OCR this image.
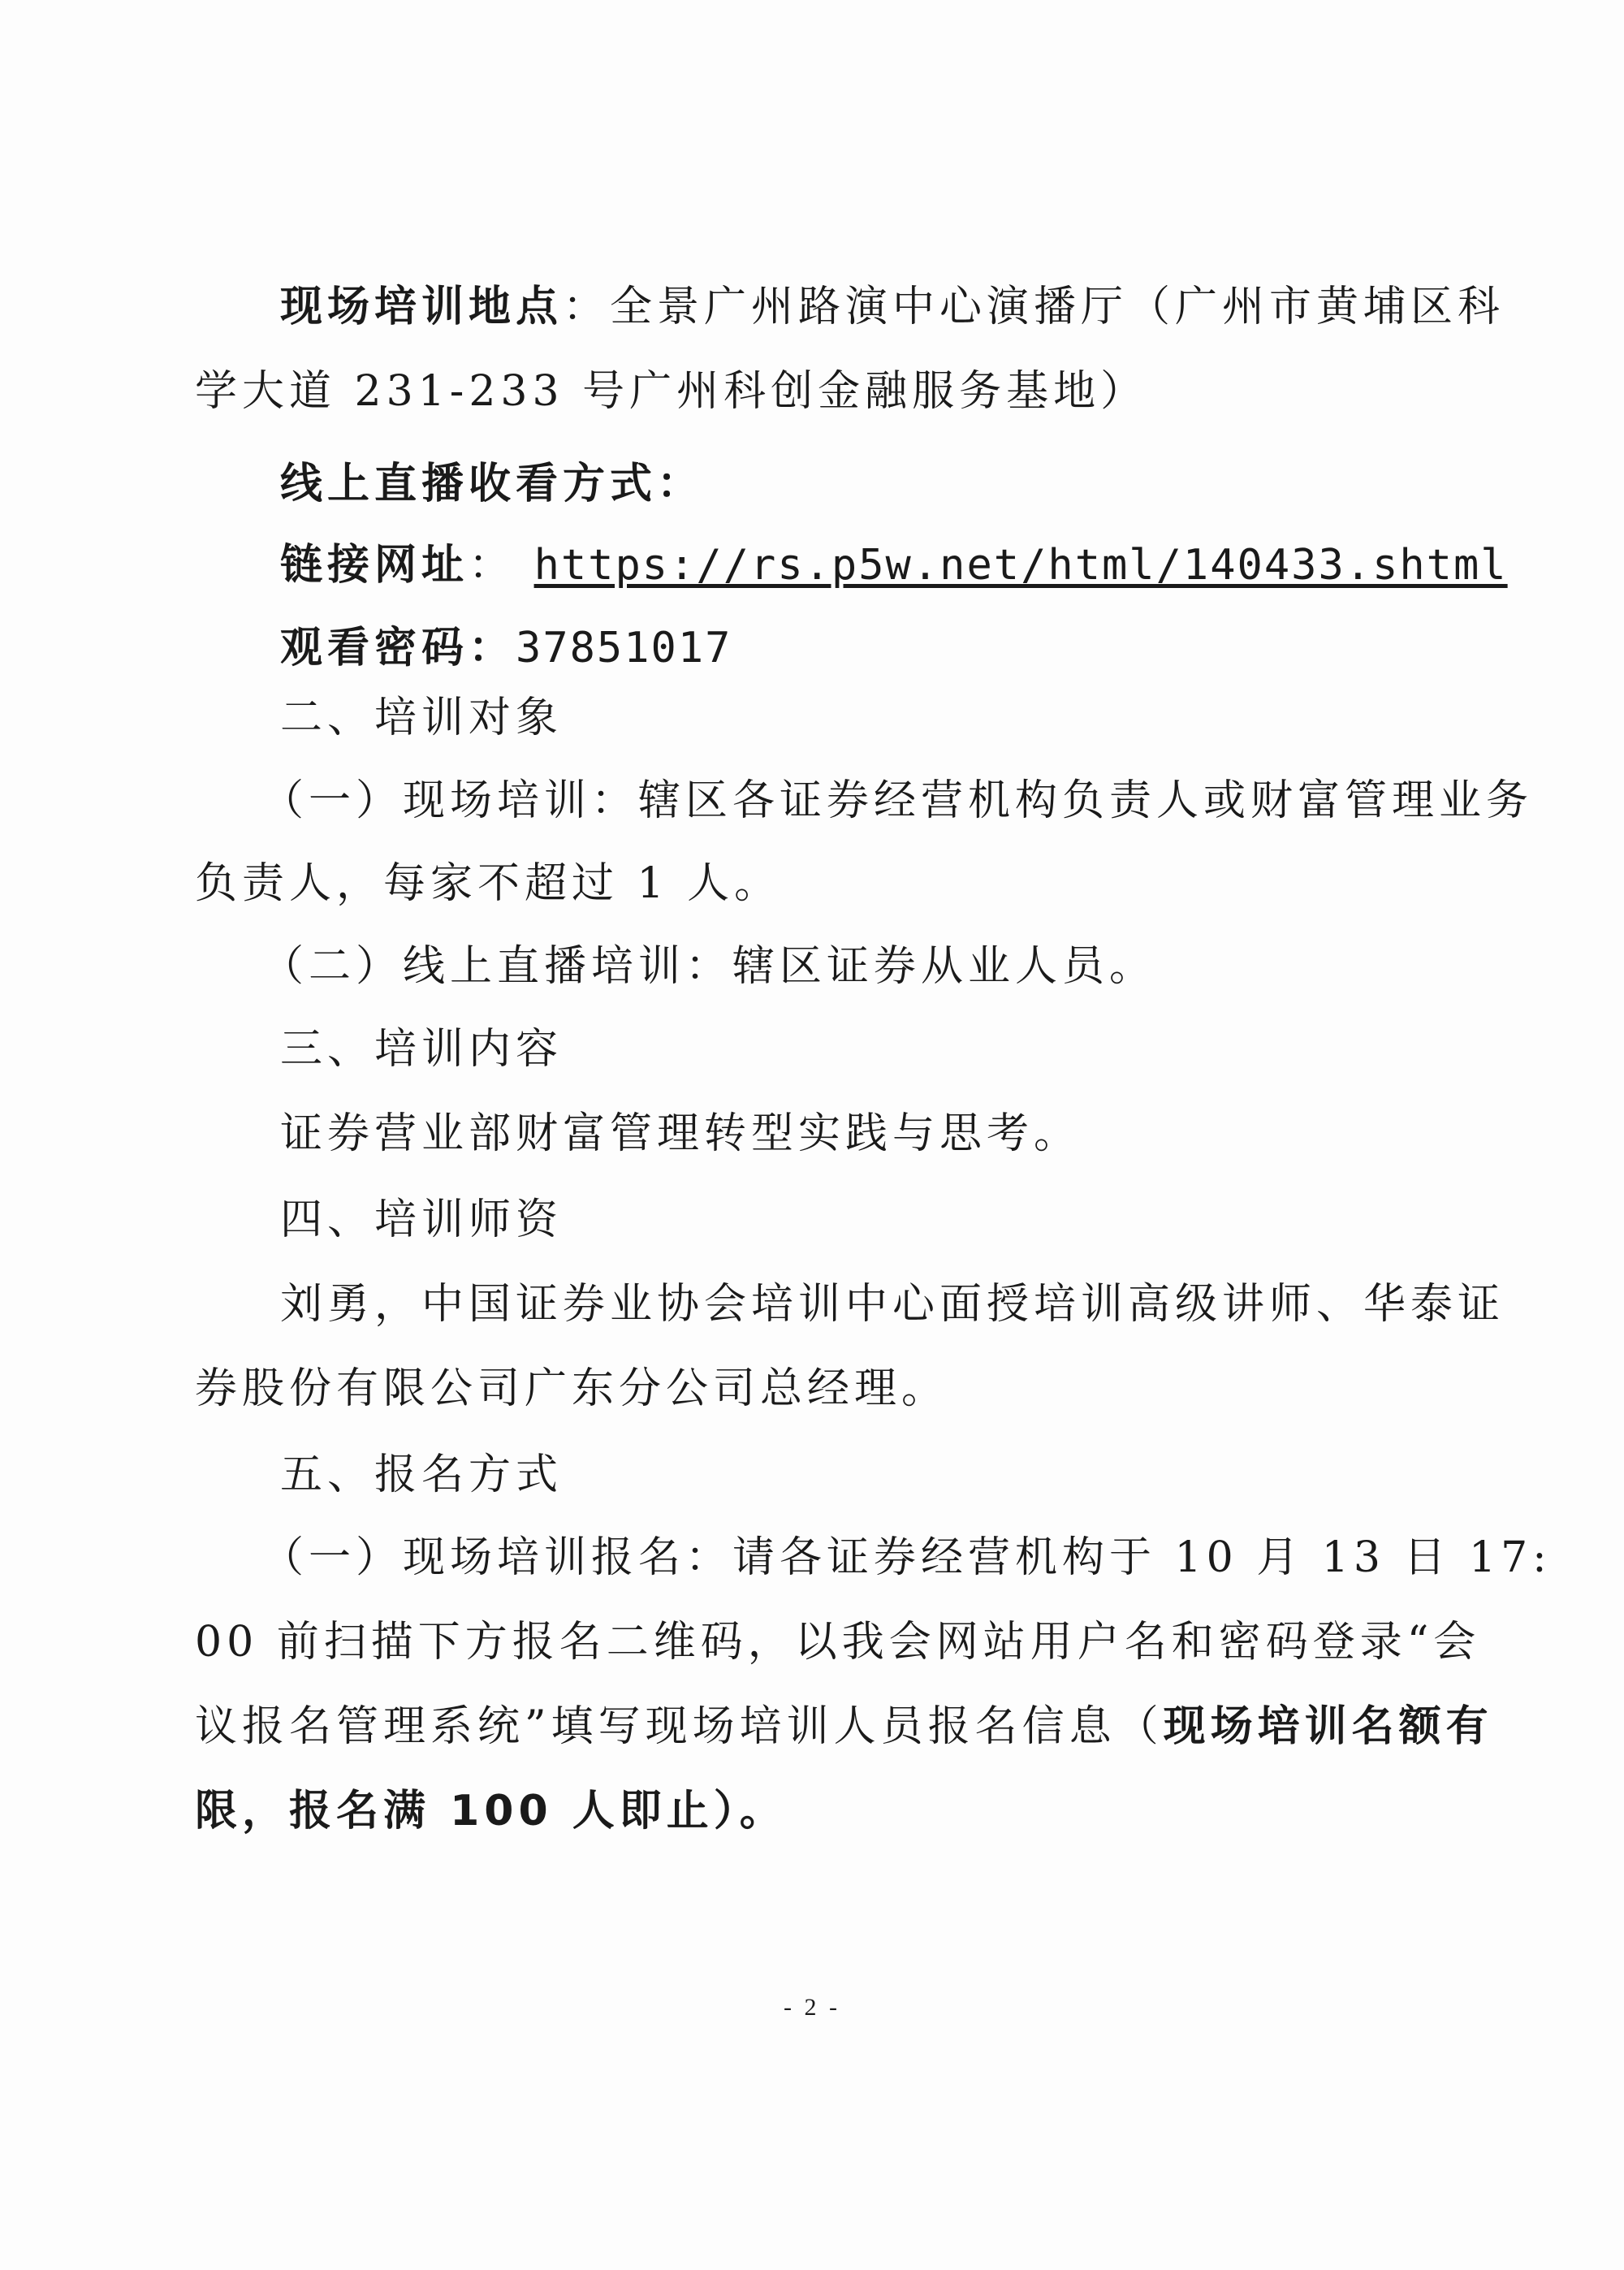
现场培训地点：全景广州路演中心演播厅（广州市黄埔区科
学大道 231-233 号广州科创金融服务基地）
线上直播收看方式：
链接网址： https://rs.p5w.net/html/140433.shtml
观看密码：37851017
二、培训对象
（一）现场培训：辖区各证券经营机构负责人或财富管理业务
负责人，每家不超过 1 人。
（二）线上直播培训：辖区证券从业人员。
三、培训内容
证券营业部财富管理转型实践与思考。
四、培训师资
刘勇，中国证券业协会培训中心面授培训高级讲师、华泰证
券股份有限公司广东分公司总经理。
五、报名方式
（一）现场培训报名：请各证券经营机构于 10 月 13 日 17:
00 前扫描下方报名二维码，以我会网站用户名和密码登录“会
议报名管理系统”填写现场培训人员报名信息（现场培训名额有
限，报名满 100 人即止）。
- 2 -
